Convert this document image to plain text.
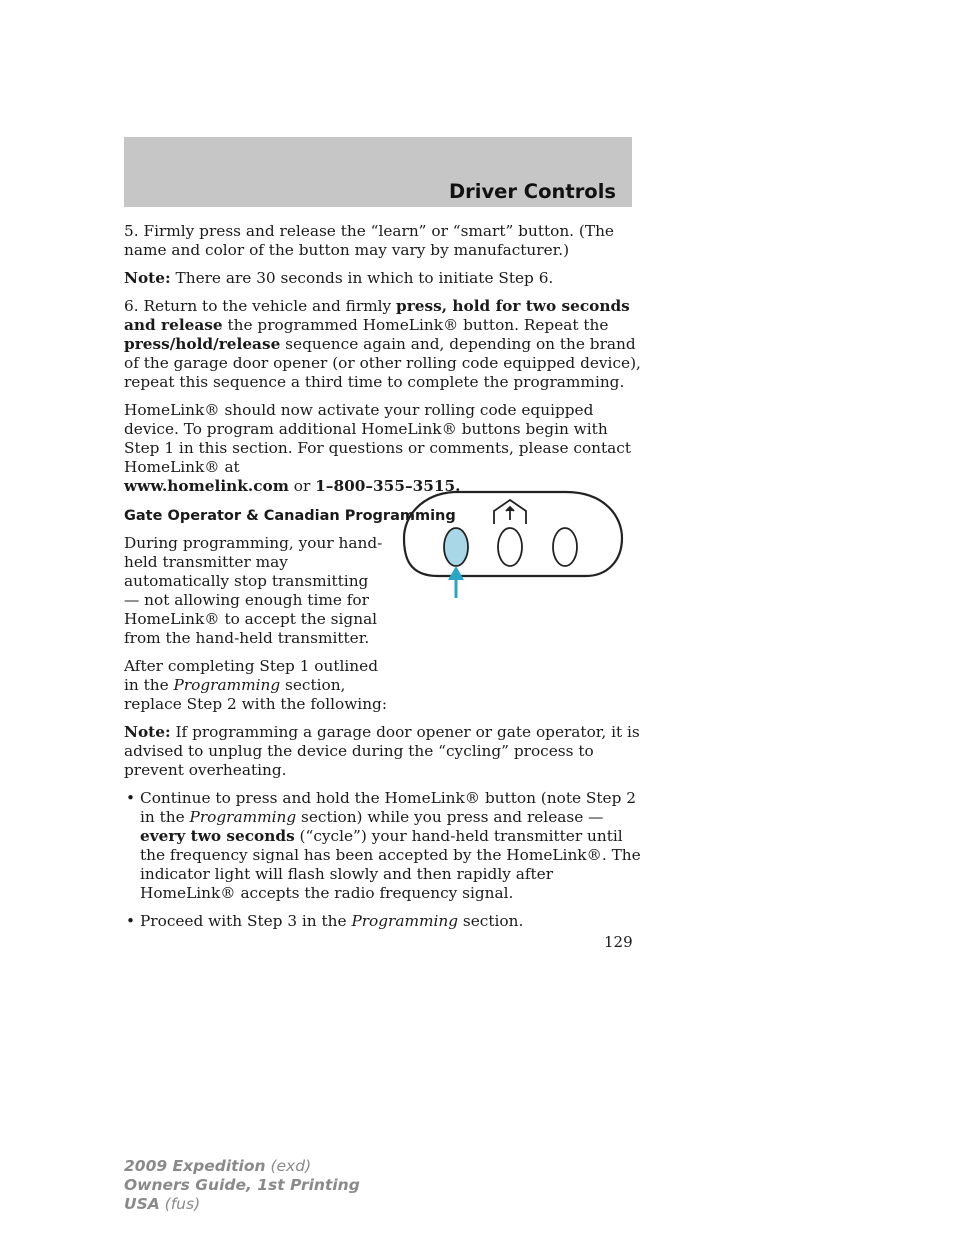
Driver Controls

5. Firmly press and release the “learn” or “smart” button. (The name and color of the button may vary by manufacturer.)

Note: There are 30 seconds in which to initiate Step 6.

6. Return to the vehicle and firmly press, hold for two seconds and release the programmed HomeLink® button. Repeat the press/hold/release sequence again and, depending on the brand of the garage door opener (or other rolling code equipped device), repeat this sequence a third time to complete the programming.

HomeLink® should now activate your rolling code equipped device. To program additional HomeLink® buttons begin with Step 1 in this section. For questions or comments, please contact HomeLink® at
www.homelink.com or 1–800–355–3515.

Gate Operator & Canadian Programming

During programming, your hand-held transmitter may automatically stop transmitting — not allowing enough time for HomeLink® to accept the signal from the hand-held transmitter.

After completing Step 1 outlined in the Programming section, replace Step 2 with the following:

Note: If programming a garage door opener or gate operator, it is advised to unplug the device during the “cycling” process to prevent overheating.

• Continue to press and hold the HomeLink® button (note Step 2 in the Programming section) while you press and release — every two seconds (“cycle”) your hand-held transmitter until the frequency signal has been accepted by the HomeLink®. The indicator light will flash slowly and then rapidly after HomeLink® accepts the radio frequency signal.

• Proceed with Step 3 in the Programming section.

129
2009 Expedition (exd)
Owners Guide, 1st Printing
USA (fus)
